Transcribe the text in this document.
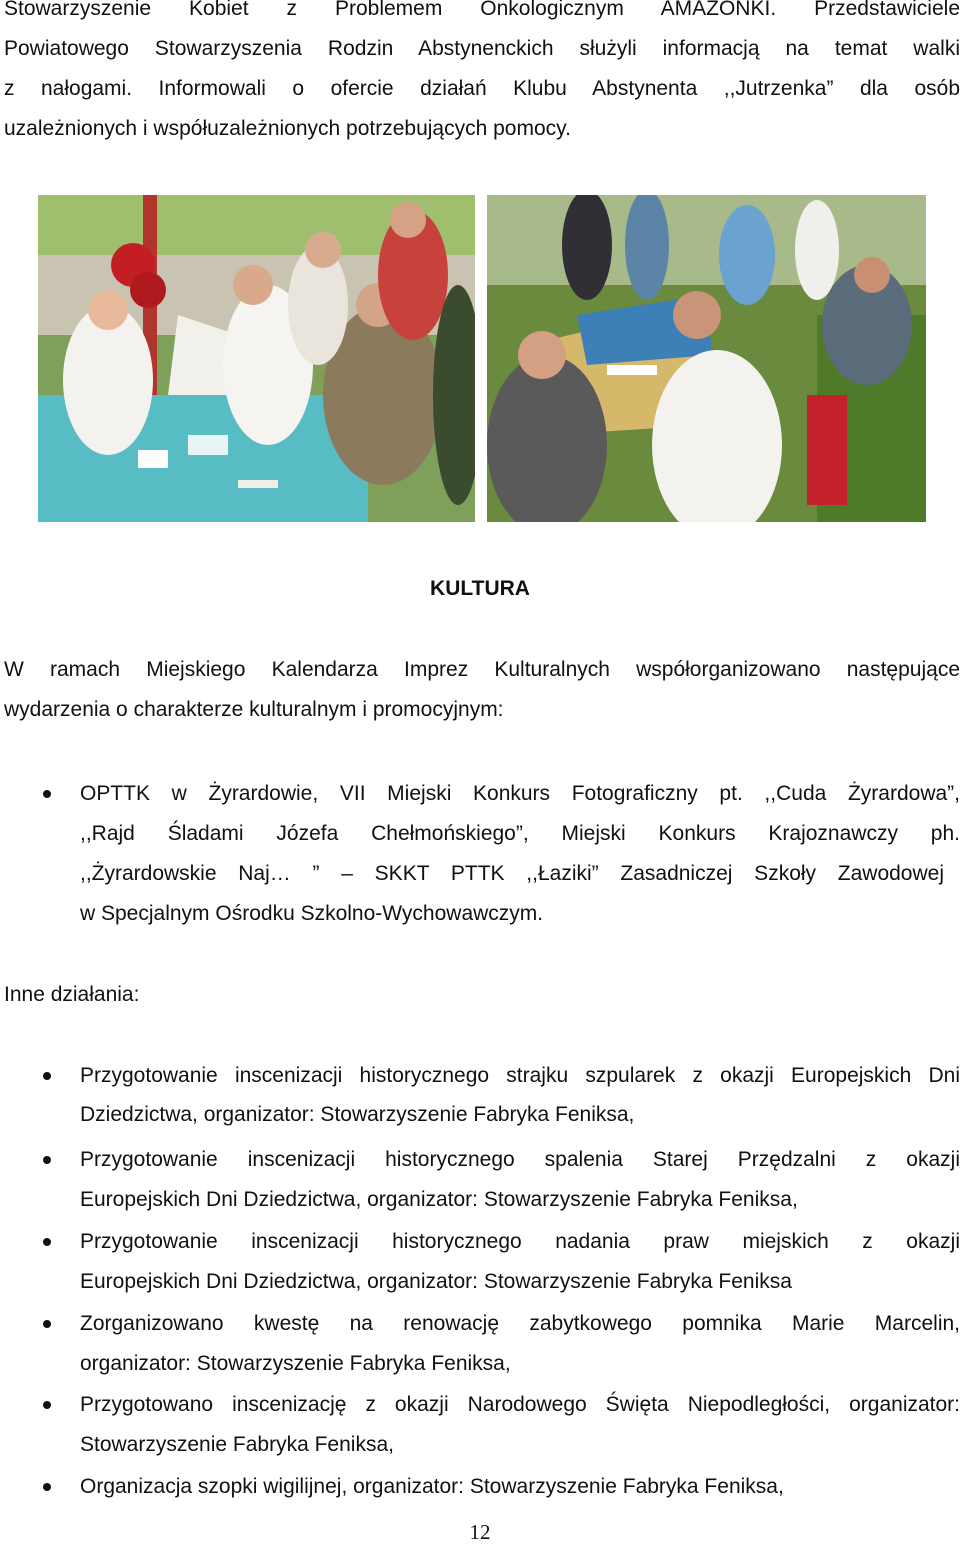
Stowarzyszenie Kobiet z Problemem Onkologicznym AMAZONKI. Przedstawiciele
Powiatowego Stowarzyszenia Rodzin Abstynenckich służyli informacją na temat walki
z nałogami. Informowali o ofercie działań Klubu Abstynenta ,,Jutrzenka” dla osób
uzależnionych i współuzależnionych potrzebujących pomocy.
KULTURA
W ramach Miejskiego Kalendarza Imprez Kulturalnych współorganizowano następujące
wydarzenia o charakterze kulturalnym i promocyjnym:
OPTTK w Żyrardowie, VII Miejski Konkurs Fotograficzny pt. ,,Cuda Żyrardowa”,
,,Rajd Śladami Józefa Chełmońskiego”, Miejski Konkurs Krajoznawczy ph.
,,Żyrardowskie Naj… ” – SKKT PTTK ,,Łaziki” Zasadniczej Szkoły Zawodowej
w Specjalnym Ośrodku Szkolno-Wychowawczym.
Inne działania:
Przygotowanie inscenizacji historycznego strajku szpularek z okazji Europejskich Dni
Dziedzictwa, organizator: Stowarzyszenie Fabryka Feniksa,
Przygotowanie inscenizacji historycznego spalenia Starej Przędzalni z okazji
Europejskich Dni Dziedzictwa, organizator: Stowarzyszenie Fabryka Feniksa,
Przygotowanie inscenizacji historycznego nadania praw miejskich z okazji
Europejskich Dni Dziedzictwa, organizator: Stowarzyszenie Fabryka Feniksa
Zorganizowano kwestę na renowację zabytkowego pomnika Marie Marcelin,
organizator: Stowarzyszenie Fabryka Feniksa,
Przygotowano inscenizację z okazji Narodowego Święta Niepodległości, organizator:
Stowarzyszenie Fabryka Feniksa,
Organizacja szopki wigilijnej, organizator: Stowarzyszenie Fabryka Feniksa,
12
